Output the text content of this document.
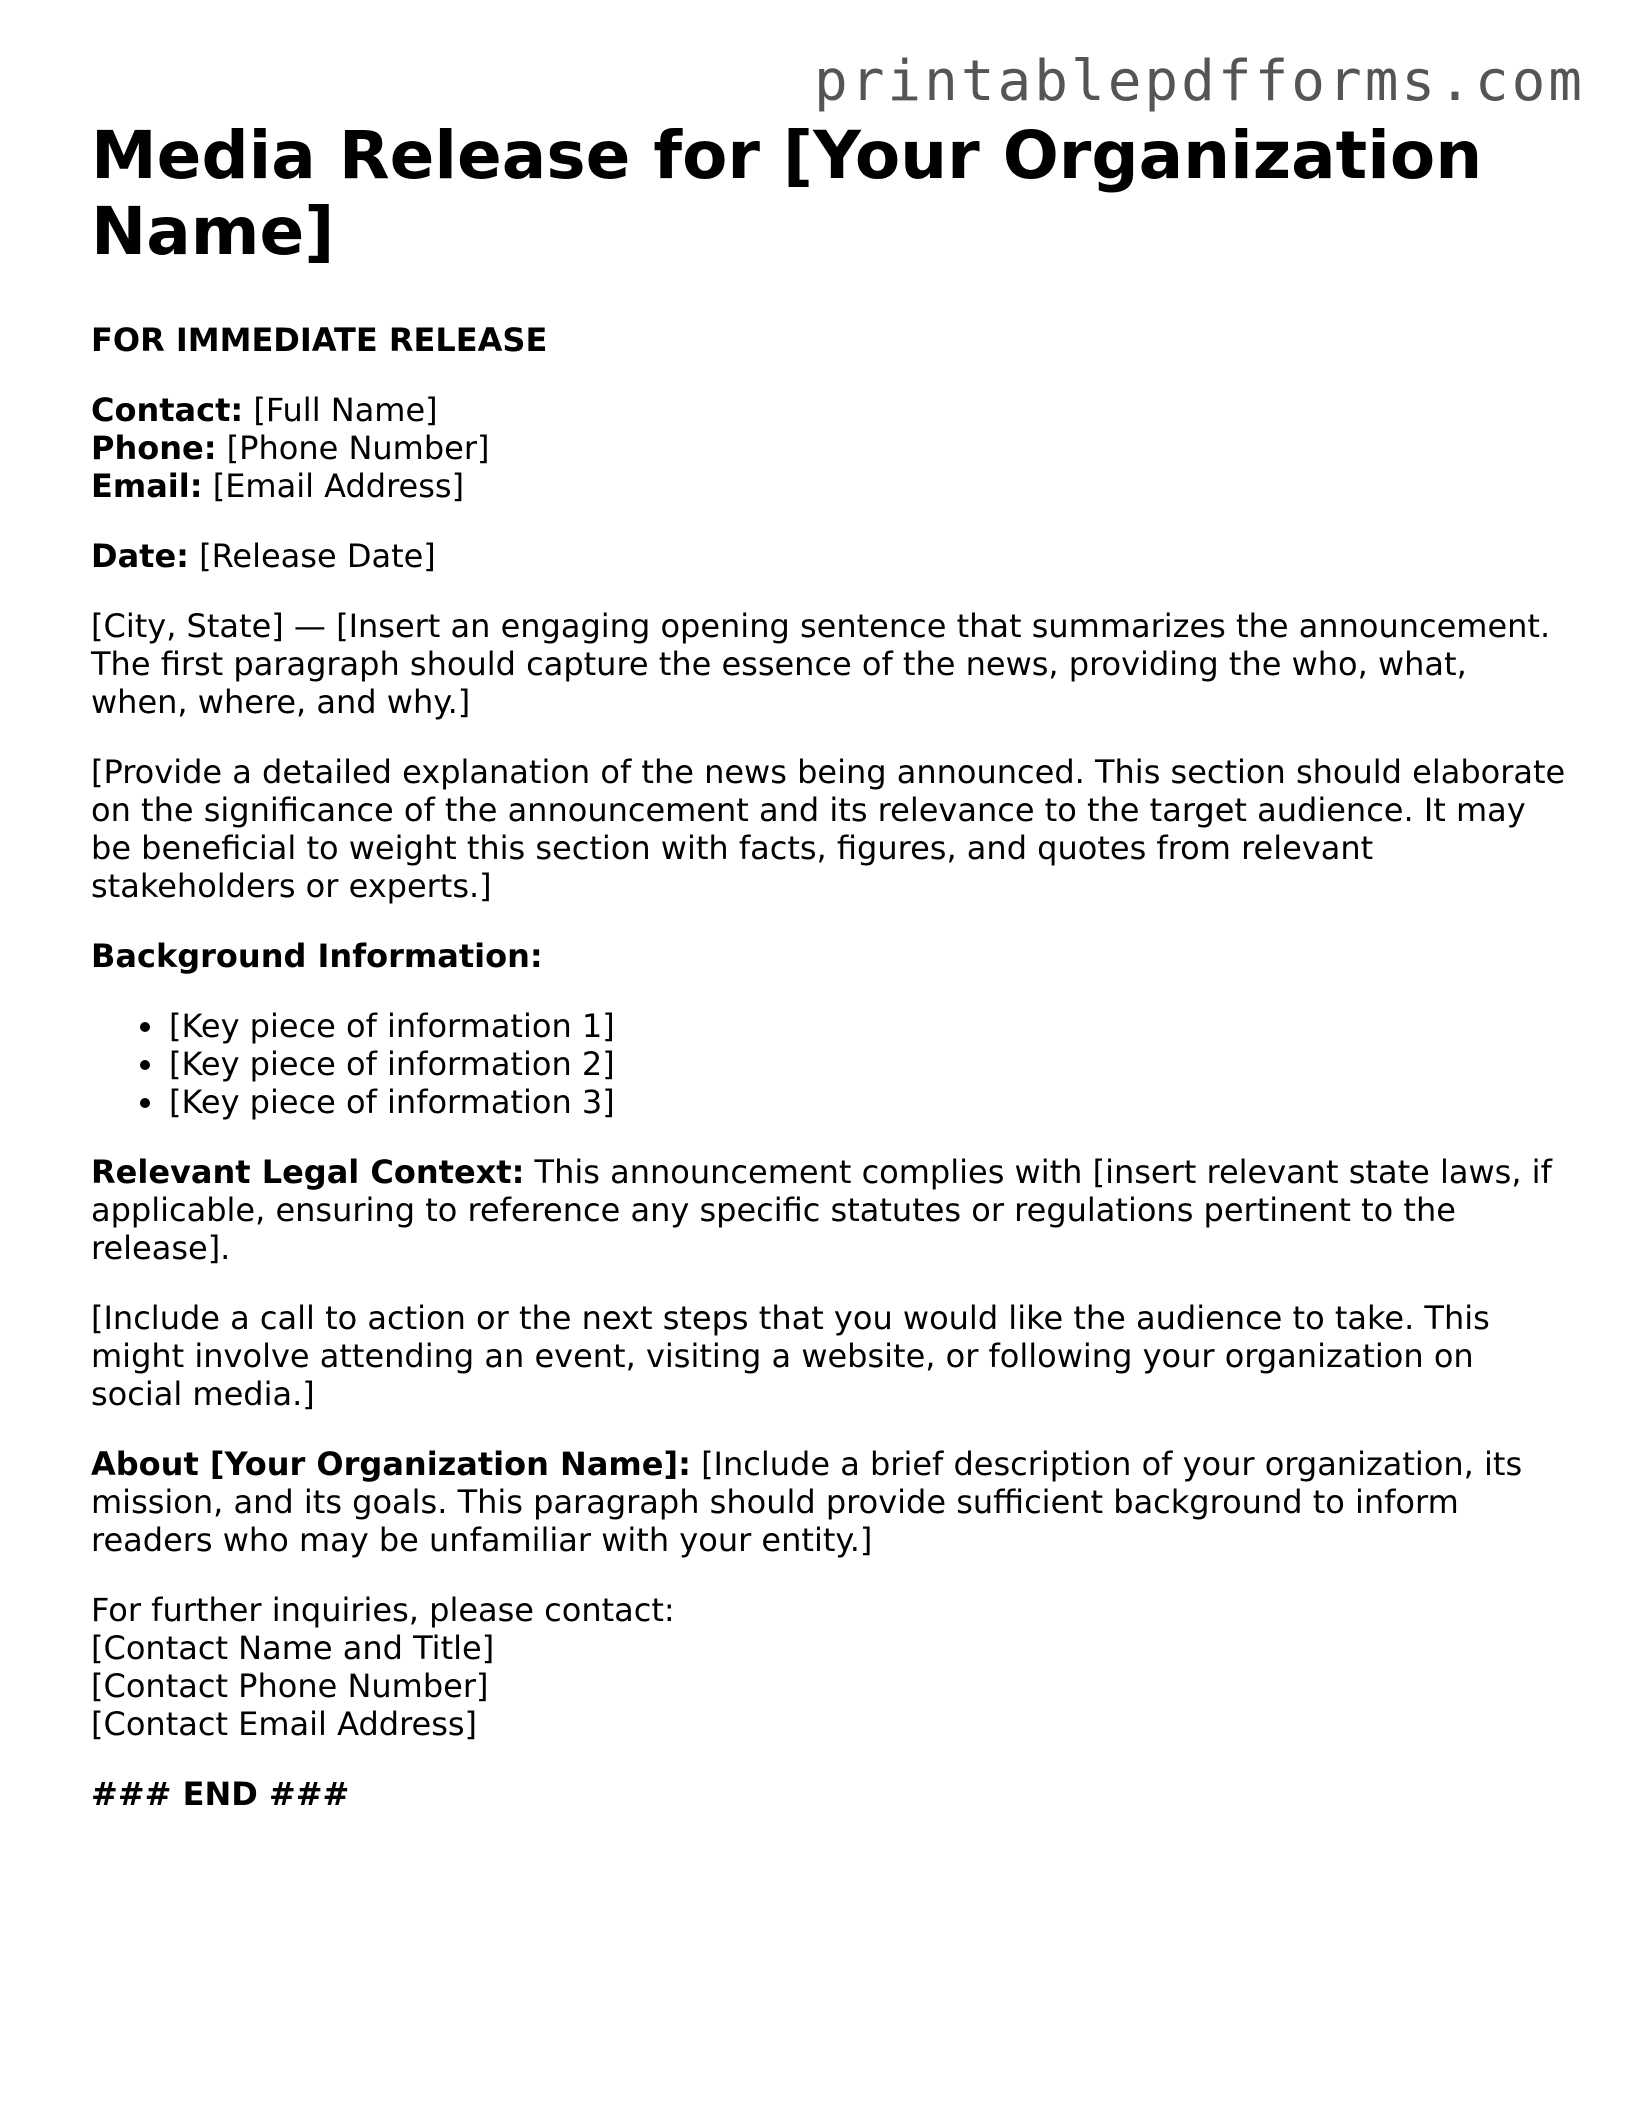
printablepdfforms.com
Media Release for [Your Organization Name]

FOR IMMEDIATE RELEASE

Contact: [Full Name]
Phone: [Phone Number]
Email: [Email Address]

Date: [Release Date]

[City, State] — [Insert an engaging opening sentence that summarizes the announcement. The first paragraph should capture the essence of the news, providing the who, what, when, where, and why.]

[Provide a detailed explanation of the news being announced. This section should elaborate on the significance of the announcement and its relevance to the target audience. It may be beneficial to weight this section with facts, figures, and quotes from relevant stakeholders or experts.]

Background Information:

[Key piece of information 1]
[Key piece of information 2]
[Key piece of information 3]

Relevant Legal Context: This announcement complies with [insert relevant state laws, if applicable, ensuring to reference any specific statutes or regulations pertinent to the release].

[Include a call to action or the next steps that you would like the audience to take. This might involve attending an event, visiting a website, or following your organization on social media.]

About [Your Organization Name]: [Include a brief description of your organization, its mission, and its goals. This paragraph should provide sufficient background to inform readers who may be unfamiliar with your entity.]

For further inquiries, please contact:
[Contact Name and Title]
[Contact Phone Number]
[Contact Email Address]

### END ###
